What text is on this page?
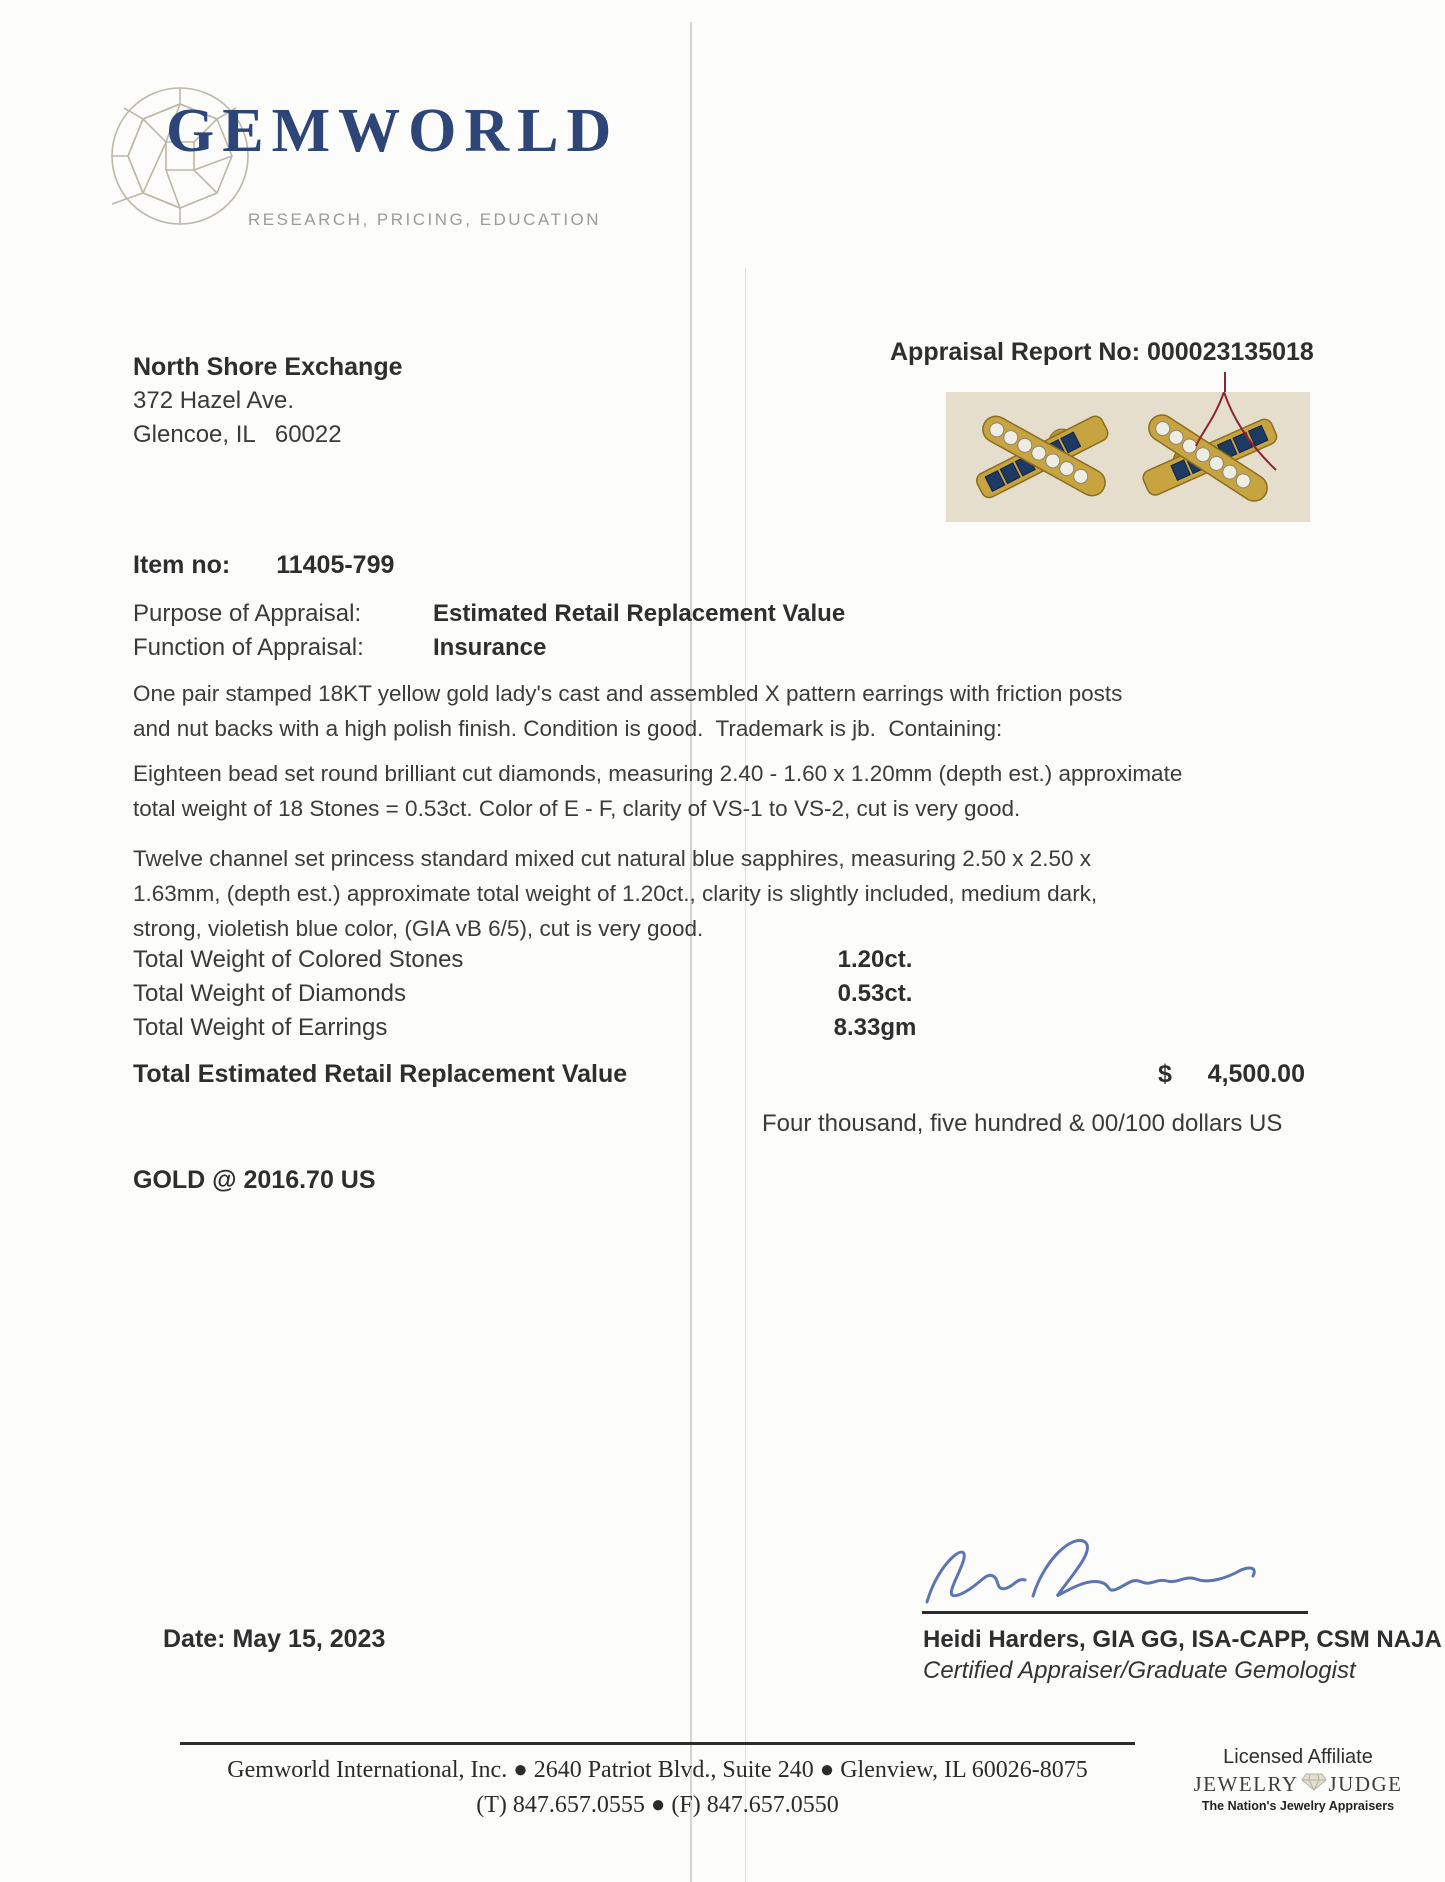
GEMWORLD
RESEARCH, PRICING, EDUCATION
North Shore Exchange
372 Hazel Ave.
Glencoe, IL   60022
Appraisal Report No: 000023135018
Item no: 11405-799
Purpose of Appraisal:	Estimated Retail Replacement Value
Function of Appraisal:	Insurance
One pair stamped 18KT yellow gold lady's cast and assembled X pattern earrings with friction posts
and nut backs with a high polish finish. Condition is good.  Trademark is jb.  Containing:
Eighteen bead set round brilliant cut diamonds, measuring 2.40 - 1.60 x 1.20mm (depth est.) approximate
total weight of 18 Stones = 0.53ct. Color of E - F, clarity of VS-1 to VS-2, cut is very good.
Twelve channel set princess standard mixed cut natural blue sapphires, measuring 2.50 x 2.50 x
1.63mm, (depth est.) approximate total weight of 1.20ct., clarity is slightly included, medium dark,
strong, violetish blue color, (GIA vB 6/5), cut is very good.
Total Weight of Colored Stones	1.20ct.
Total Weight of Diamonds	0.53ct.
Total Weight of Earrings	8.33gm
Total Estimated Retail Replacement Value	$	4,500.00
Four thousand, five hundred & 00/100 dollars US
GOLD @ 2016.70 US
Date: May 15, 2023	Heidi Harders, GIA GG, ISA-CAPP, CSM NAJA
Certified Appraiser/Graduate Gemologist
Gemworld International, Inc. ● 2640 Patriot Blvd., Suite 240 ● Glenview, IL 60026-8075
(T) 847.657.0555 ● (F) 847.657.0550
Licensed Affiliate
JEWELRY JUDGE
The Nation's Jewelry Appraisers
